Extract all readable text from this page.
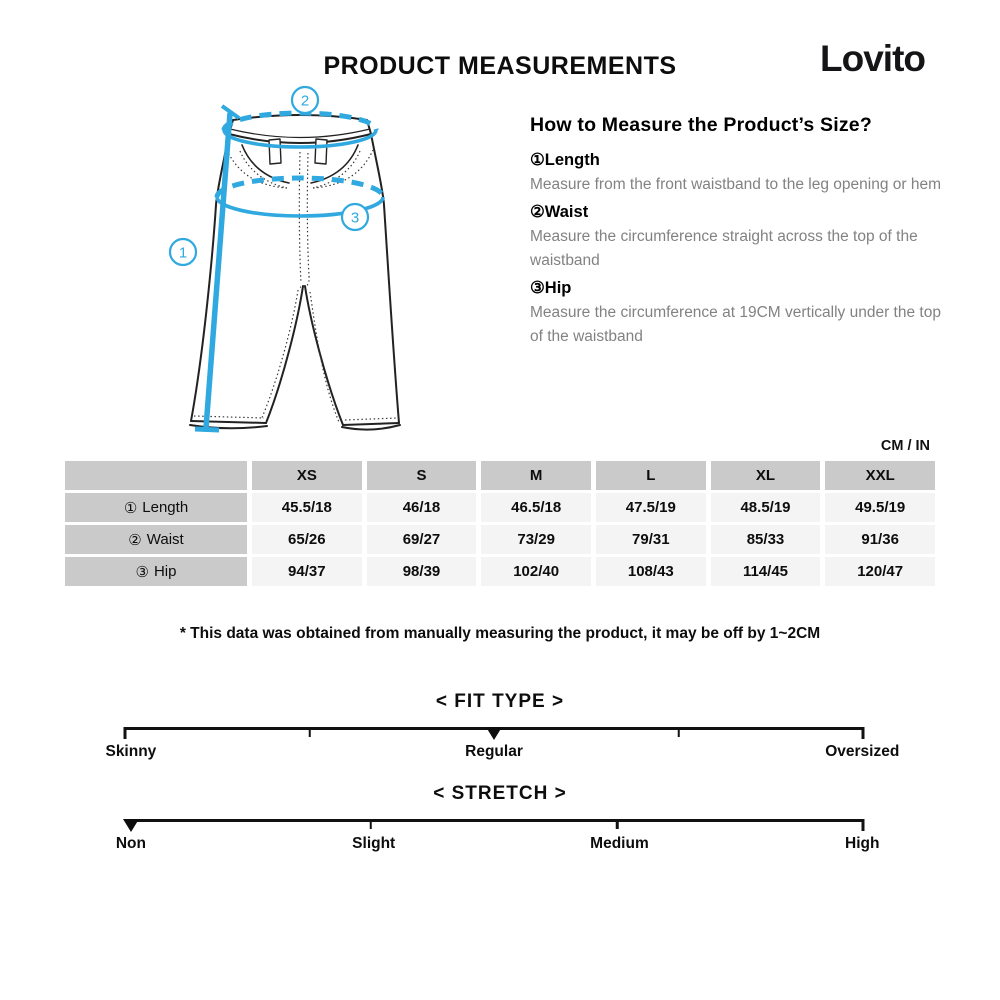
PRODUCT MEASUREMENTS	Lovito
1
2
3
How to Measure the Product’s Size?
①Length
Measure from the front waistband to the leg opening or hem
②Waist
Measure the circumference straight across the top of the waistband
③Hip
Measure the circumference at 19CM vertically under the top of the waistband
CM / IN
XS	S	M	L	XL	XXL
① Length	45.5/18	46/18	46.5/18	47.5/19	48.5/19	49.5/19
② Waist	65/26	69/27	73/29	79/31	85/33	91/36
③ Hip	94/37	98/39	102/40	108/43	114/45	120/47
* This data was obtained from manually measuring the product, it may be off by 1~2CM
< FIT TYPE >
Skinny	Regular	Oversized
< STRETCH >
Non	Slight	Medium	High
